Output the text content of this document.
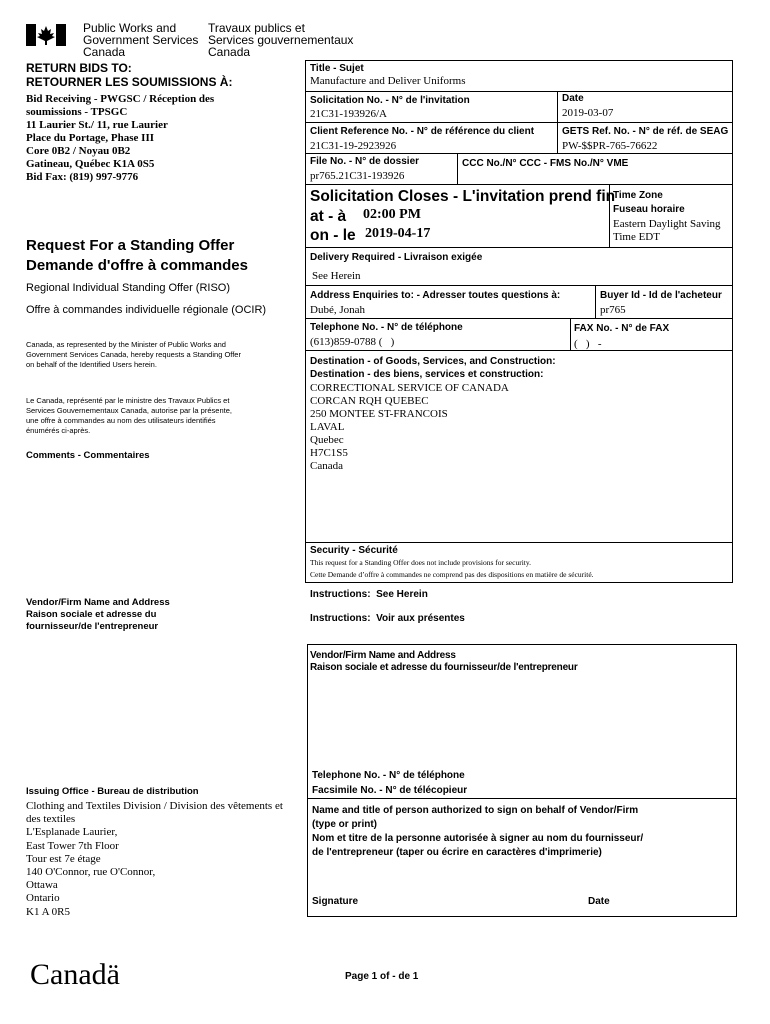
Public Works and
Government Services
Canada
Travaux publics et
Services gouvernementaux
Canada
RETURN BIDS TO:
RETOURNER LES SOUMISSIONS À:
Bid Receiving - PWGSC / Réception des
soumissions - TPSGC
11 Laurier St./ 11, rue Laurier
Place du Portage, Phase III
Core 0B2 / Noyau 0B2
Gatineau, Québec K1A 0S5
Bid Fax: (819) 997-9776
Request For a Standing Offer
Demande d'offre à commandes
Regional Individual Standing Offer (RISO)
Offre à commandes individuelle régionale (OCIR)
Canada, as represented by the Minister of Public Works and
Government Services Canada, hereby requests a Standing Offer
on behalf of the Identified Users herein.
Le Canada, représenté par le ministre des Travaux Publics et
Services Gouvernementaux Canada, autorise par la présente,
une offre à commandes au nom des utilisateurs identifiés
énumérés ci-après.
Comments - Commentaires
Vendor/Firm Name and Address
Raison sociale et adresse du
fournisseur/de l'entrepreneur
Issuing Office - Bureau de distribution
Clothing and Textiles Division / Division des vêtements et
des textiles
L'Esplanade Laurier,
East Tower 7th Floor
Tour est 7e étage
140 O'Connor, rue O'Connor,
Ottawa
Ontario
K1 A 0R5
Title - Sujet
Manufacture and Deliver Uniforms
Solicitation No. - N° de l'invitation
21C31-193926/A
Date
2019-03-07
Client Reference No. - N° de référence du client
21C31-19-2923926
GETS Ref. No. - N° de réf. de SEAG
PW-$$PR-765-76622
File No. - N° de dossier
pr765.21C31-193926
CCC No./N° CCC - FMS No./N° VME
Solicitation Closes - L'invitation prend fin
at - à 02:00 PM
on - le 2019-04-17
Time Zone
Fuseau horaire
Eastern Daylight Saving
Time EDT
Delivery Required - Livraison exigée
See Herein
Address Enquiries to: - Adresser toutes questions à:
Dubé, Jonah
Buyer Id - Id de l'acheteur
pr765
Telephone No. - N° de téléphone
(613)859-0788 (   )
FAX No. - N° de FAX
(   )   -
Destination - of Goods, Services, and Construction:
Destination - des biens, services et construction:
CORRECTIONAL SERVICE OF CANADA
CORCAN RQH QUEBEC
250 MONTEE ST-FRANCOIS
LAVAL
Quebec
H7C1S5
Canada
Security - Sécurité
This request for a Standing Offer does not include provisions for security.
Cette Demande d’offre à commandes ne comprend pas des dispositions en matière de sécurité.
Instructions:  See Herein
Instructions:  Voir aux présentes
Vendor/Firm Name and Address
Raison sociale et adresse du fournisseur/de l'entrepreneur
Telephone No. - N° de téléphone
Facsimile No. - N° de télécopieur
Name and title of person authorized to sign on behalf of Vendor/Firm
(type or print)
Nom et titre de la personne autorisée à signer au nom du fournisseur/
de l'entrepreneur (taper ou écrire en caractères d'imprimerie)
Signature	Date
Canadä	Page 1 of - de 1
